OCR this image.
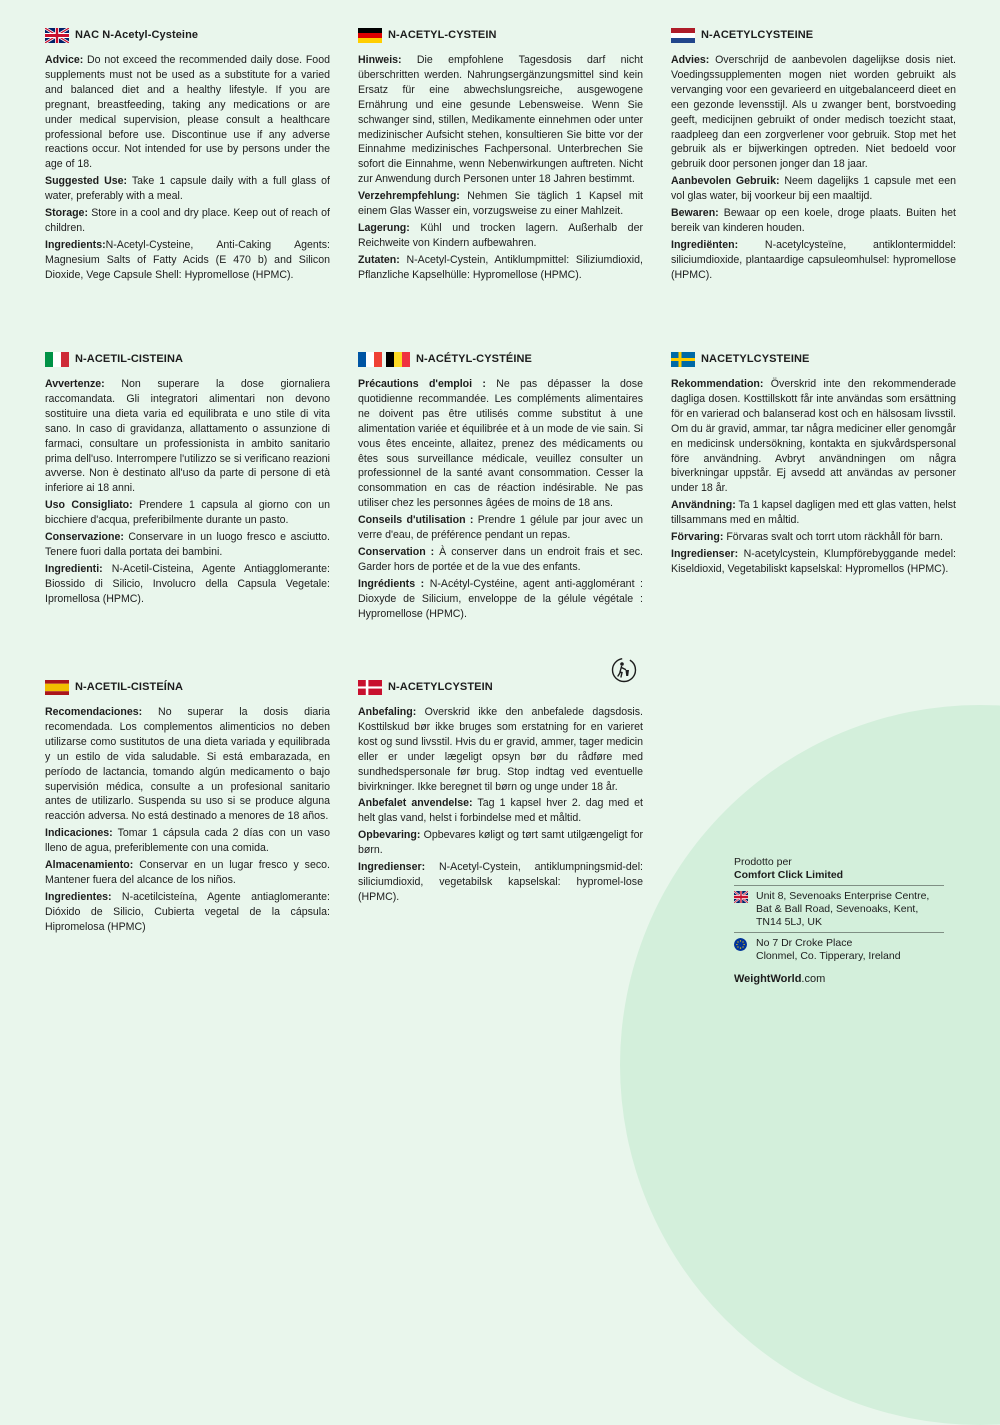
NAC N-Acetyl-Cysteine

Advice: Do not exceed the recommended daily dose. Food supplements must not be used as a substitute for a varied and balanced diet and a healthy lifestyle. If you are pregnant, breastfeeding, taking any medications or are under medical supervision, please consult a healthcare professional before use. Discontinue use if any adverse reactions occur. Not intended for use by persons under the age of 18.

Suggested Use: Take 1 capsule daily with a full glass of water, preferably with a meal.

Storage: Store in a cool and dry place. Keep out of reach of children.

Ingredients:N-Acetyl-Cysteine, Anti-Caking Agents: Magnesium Salts of Fatty Acids (E 470 b) and Silicon Dioxide, Vege Capsule Shell: Hypromellose (HPMC).

N-ACETYL-CYSTEIN

Hinweis: Die empfohlene Tagesdosis darf nicht überschritten werden. Nahrungsergänzungsmittel sind kein Ersatz für eine abwechslungsreiche, ausgewogene Ernährung und eine gesunde Lebensweise. Wenn Sie schwanger sind, stillen, Medikamente einnehmen oder unter medizinischer Aufsicht stehen, konsultieren Sie bitte vor der Einnahme medizinisches Fachpersonal. Unterbrechen Sie sofort die Einnahme, wenn Nebenwirkungen auftreten. Nicht zur Anwendung durch Personen unter 18 Jahren bestimmt.

Verzehrempfehlung: Nehmen Sie täglich 1 Kapsel mit einem Glas Wasser ein, vorzugsweise zu einer Mahlzeit.

Lagerung: Kühl und trocken lagern. Außerhalb der Reichweite von Kindern aufbewahren.

Zutaten: N-Acetyl-Cystein, Antiklumpmittel: Siliziumdioxid, Pflanzliche Kapselhülle: Hypromellose (HPMC).

N-ACETYLCYSTEINE

Advies: Overschrijd de aanbevolen dagelijkse dosis niet. Voedingssupplementen mogen niet worden gebruikt als vervanging voor een gevarieerd en uitgebalanceerd dieet en een gezonde levensstijl. Als u zwanger bent, borstvoeding geeft, medicijnen gebruikt of onder medisch toezicht staat, raadpleeg dan een zorgverlener voor gebruik. Stop met het gebruik als er bijwerkingen optreden. Niet bedoeld voor gebruik door personen jonger dan 18 jaar.

Aanbevolen Gebruik: Neem dagelijks 1 capsule met een vol glas water, bij voorkeur bij een maaltijd.

Bewaren: Bewaar op een koele, droge plaats. Buiten het bereik van kinderen houden.

Ingrediënten: N-acetylcysteïne, antiklontermiddel: siliciumdioxide, plantaardige capsuleomhulsel: hypromellose (HPMC).

N-ACETIL-CISTEINA

Avvertenze: Non superare la dose giornaliera raccomandata. Gli integratori alimentari non devono sostituire una dieta varia ed equilibrata e uno stile di vita sano. In caso di gravidanza, allattamento o assunzione di farmaci, consultare un professionista in ambito sanitario prima dell'uso. Interrompere l'utilizzo se si verificano reazioni avverse. Non è destinato all'uso da parte di persone di età inferiore ai 18 anni.

Uso Consigliato: Prendere 1 capsula al giorno con un bicchiere d'acqua, preferibilmente durante un pasto.

Conservazione: Conservare in un luogo fresco e asciutto. Tenere fuori dalla portata dei bambini.

Ingredienti: N-Acetil-Cisteina, Agente Antiagglomerante: Biossido di Silicio, Involucro della Capsula Vegetale: Ipromellosa (HPMC).

N-ACÉTYL-CYSTÉINE

Précautions d'emploi : Ne pas dépasser la dose quotidienne recommandée. Les compléments alimentaires ne doivent pas être utilisés comme substitut à une alimentation variée et équilibrée et à un mode de vie sain. Si vous êtes enceinte, allaitez, prenez des médicaments ou êtes sous surveillance médicale, veuillez consulter un professionnel de la santé avant consommation. Cesser la consommation en cas de réaction indésirable. Ne pas utiliser chez les personnes âgées de moins de 18 ans.

Conseils d'utilisation : Prendre 1 gélule par jour avec un verre d'eau, de préférence pendant un repas.

Conservation : À conserver dans un endroit frais et sec. Garder hors de portée et de la vue des enfants.

Ingrédients : N-Acétyl-Cystéine, agent anti-agglomérant : Dioxyde de Silicium, enveloppe de la gélule végétale : Hypromellose (HPMC).

NACETYLCYSTEINE

Rekommendation: Överskrid inte den rekommenderade dagliga dosen. Kosttillskott får inte användas som ersättning för en varierad och balanserad kost och en hälsosam livsstil. Om du är gravid, ammar, tar några mediciner eller genomgår en medicinsk undersökning, kontakta en sjukvårdspersonal före användning. Avbryt användningen om några biverkningar uppstår. Ej avsedd att användas av personer under 18 år.

Användning: Ta 1 kapsel dagligen med ett glas vatten, helst tillsammans med en måltid.

Förvaring: Förvaras svalt och torrt utom räckhåll för barn.

Ingredienser: N-acetylcystein, Klumpförebyggande medel: Kiseldioxid, Vegetabiliskt kapselskal: Hypromellos (HPMC).

N-ACETIL-CISTEÍNA

Recomendaciones: No superar la dosis diaria recomendada. Los complementos alimenticios no deben utilizarse como sustitutos de una dieta variada y equilibrada y un estilo de vida saludable. Si está embarazada, en período de lactancia, tomando algún medicamento o bajo supervisión médica, consulte a un profesional sanitario antes de utilizarlo. Suspenda su uso si se produce alguna reacción adversa. No está destinado a menores de 18 años.

Indicaciones: Tomar 1 cápsula cada 2 días con un vaso lleno de agua, preferiblemente con una comida.

Almacenamiento: Conservar en un lugar fresco y seco. Mantener fuera del alcance de los niños.

Ingredientes: N-acetilcisteína, Agente antiaglomerante: Dióxido de Silicio, Cubierta vegetal de la cápsula: Hipromelosa (HPMC)

N-ACETYLCYSTEIN

Anbefaling: Overskrid ikke den anbefalede dagsdosis. Kosttilskud bør ikke bruges som erstatning for en varieret kost og sund livsstil. Hvis du er gravid, ammer, tager medicin eller er under lægeligt opsyn bør du rådføre med sundhedspersonale før brug. Stop indtag ved eventuelle bivirkninger. Ikke beregnet til børn og unge under 18 år.

Anbefalet anvendelse: Tag 1 kapsel hver 2. dag med et helt glas vand, helst i forbindelse med et måltid.

Opbevaring: Opbevares køligt og tørt samt utilgængeligt for børn.

Ingredienser: N-Acetyl-Cystein, antiklumpningsmid-del: siliciumdioxid, vegetabilsk kapselskal: hypromel-lose (HPMC).

Prodotto per
Comfort Click Limited
Unit 8, Sevenoaks Enterprise Centre,
Bat & Ball Road, Sevenoaks, Kent,
TN14 5LJ, UK
No 7 Dr Croke Place
Clonmel, Co. Tipperary, Ireland
WeightWorld.com
